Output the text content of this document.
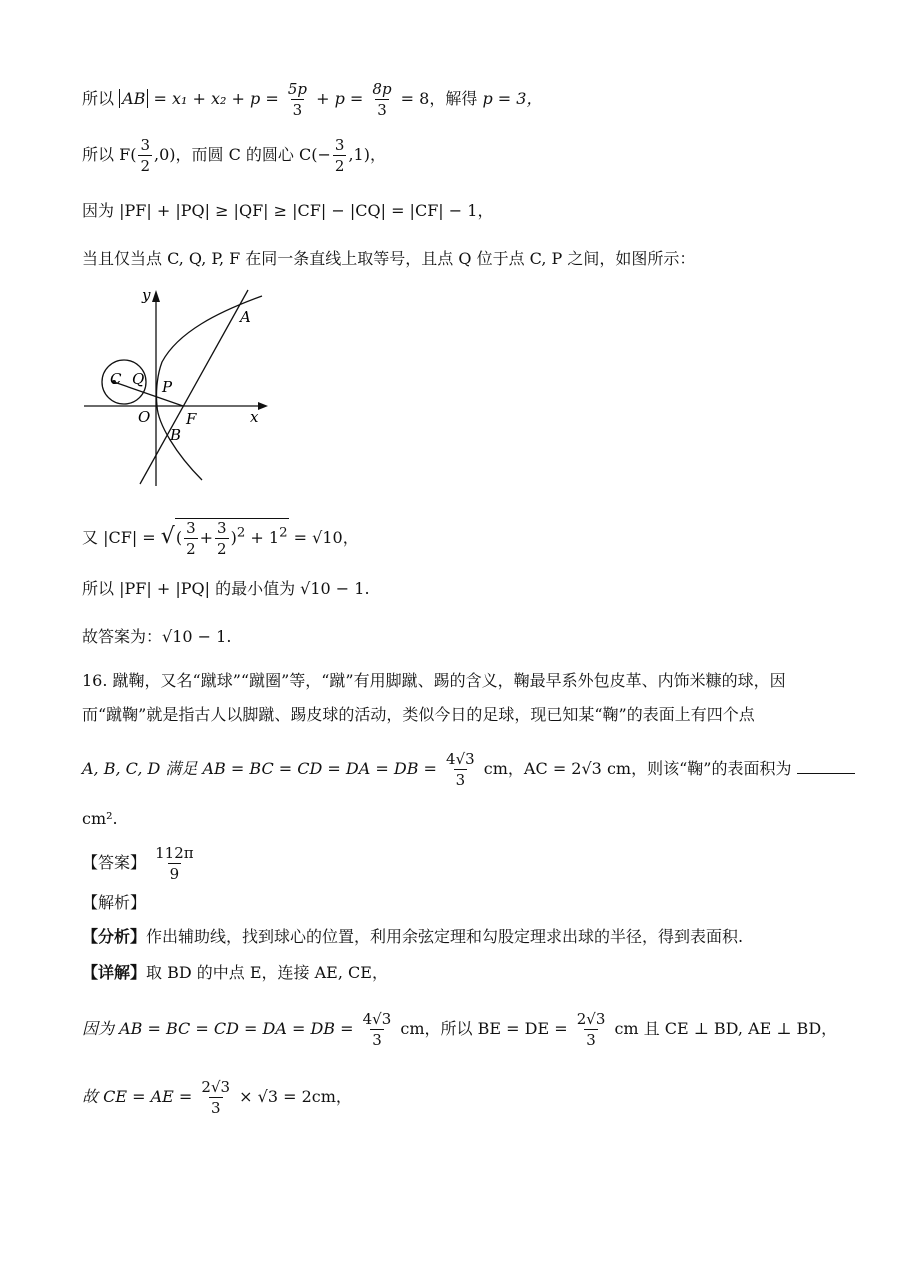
所以 AB = $x_1 + x_2 + p = \frac{5p}{3} + p = \frac{8p}{3} = 8$，解得 p = 3，
所以 $F( \frac{3}{2} ,0)$，而圆 C 的圆心 $C(- \frac{3}{2} ,1)$，
因为 |PF| + |PQ| ≥ |QF| ≥ |CF| − |CQ| = |CF| − 1，
当且仅当点 C, Q, P, F 在同一条直线上取等号，且点 Q 位于点 C, P 之间，如图所示：
y
x
O
A
B
C Q P
F
又 |CF| = √( $\frac{3}{2} + \frac{3}{2} )^2 + 1^2 = √10$，
所以 |PF| + |PQ| 的最小值为 √10 − 1.
故答案为：√10 − 1.
16. 蹴鞠，又名“蹴球”“蹴圈”等，“蹴”有用脚蹴、踢的含义，鞠最早系外包皮革、内饰米糠的球，因
而“蹴鞠”就是指古人以脚蹴、踢皮球的活动，类似今日的足球，现已知某“鞠”的表面上有四个点
A, B, C, D 满足 AB = BC = CD = DA = DB = $\frac{4√3}{3}$ cm，AC = 2√3 cm，则该“鞠”的表面积为
cm².
【答案】 $\frac{112\pi}{9}$
【解析】
【分析】作出辅助线，找到球心的位置，利用余弦定理和勾股定理求出球的半径，得到表面积.
【详解】取 BD 的中点 E，连接 AE, CE，
因为 AB = BC = CD = DA = DB = $\frac{4√3}{3}$ cm，所以 BE = DE = $\frac{2√3}{3}$ cm 且 CE ⊥ BD, AE ⊥ BD，
故 CE = AE = $\frac{2√3}{3} \times √3 = 2cm$，
